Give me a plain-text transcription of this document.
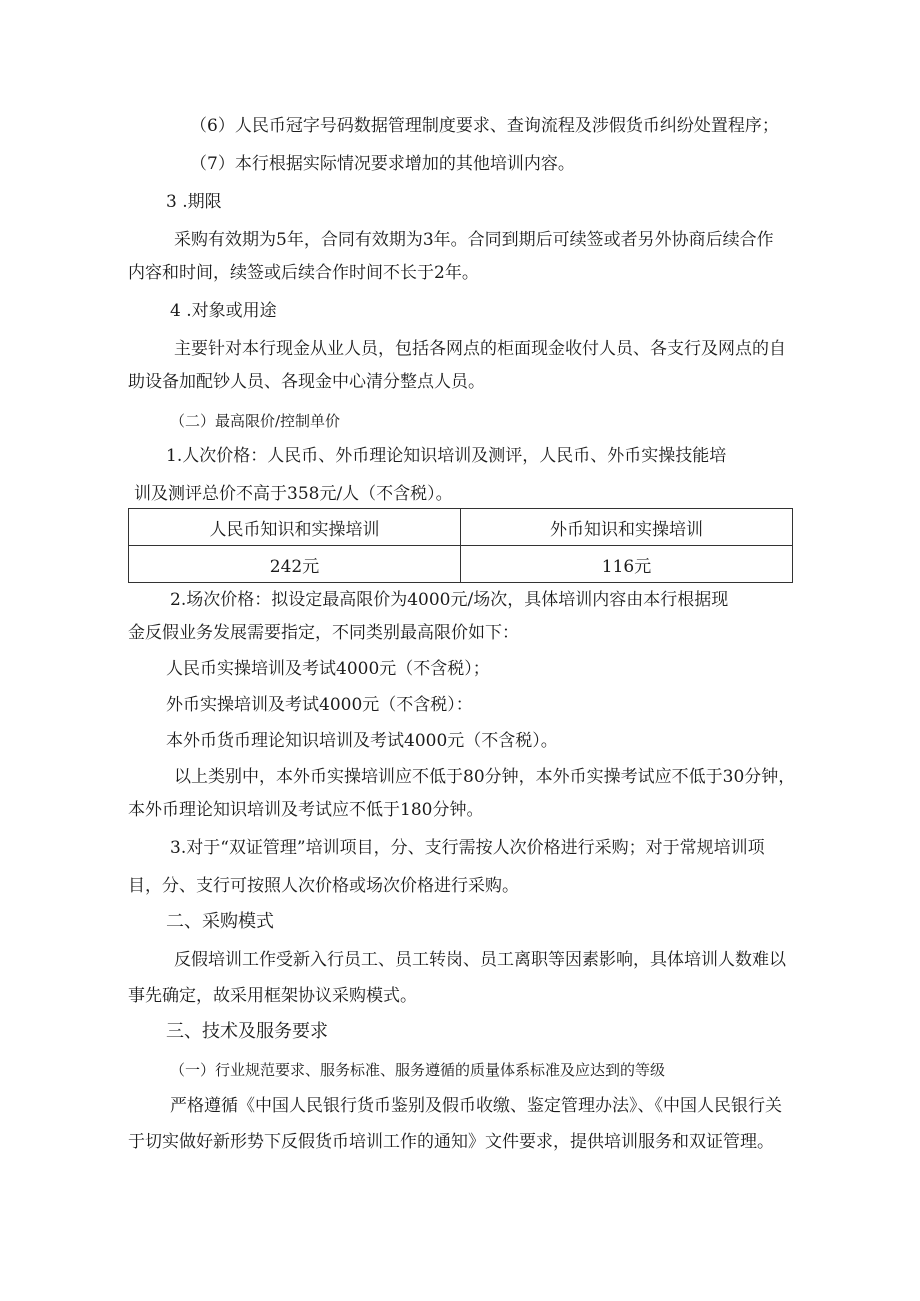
（6）人民币冠字号码数据管理制度要求、查询流程及涉假货币纠纷处置程序；
（7）本行根据实际情况要求增加的其他培训内容。
3 .期限
采购有效期为5年，合同有效期为3年。合同到期后可续签或者另外协商后续合作
内容和时间，续签或后续合作时间不长于2年。
4 .对象或用途
主要针对本行现金从业人员，包括各网点的柜面现金收付人员、各支行及网点的自
助设备加配钞人员、各现金中心清分整点人员。
（二）最高限价/控制单价
1.人次价格：人民币、外币理论知识培训及测评，人民币、外币实操技能培
训及测评总价不高于358元/人（不含税）。
人民币知识和实操培训	外币知识和实操培训
242元	116元
2.场次价格：拟设定最高限价为4000元/场次，具体培训内容由本行根据现
金反假业务发展需要指定，不同类别最高限价如下：
人民币实操培训及考试4000元（不含税）；
外币实操培训及考试4000元（不含税）：
本外币货币理论知识培训及考试4000元（不含税）。
以上类别中，本外币实操培训应不低于80分钟，本外币实操考试应不低于30分钟，
本外币理论知识培训及考试应不低于180分钟。
3.对于“双证管理”培训项目，分、支行需按人次价格进行采购；对于常规培训项
目，分、支行可按照人次价格或场次价格进行采购。
二、采购模式
反假培训工作受新入行员工、员工转岗、员工离职等因素影响，具体培训人数难以
事先确定，故采用框架协议采购模式。
三、技术及服务要求
（一）行业规范要求、服务标准、服务遵循的质量体系标准及应达到的等级
严格遵循《中国人民银行货币鉴别及假币收缴、鉴定管理办法》、《中国人民银行关
于切实做好新形势下反假货币培训工作的通知》文件要求，提供培训服务和双证管理。
